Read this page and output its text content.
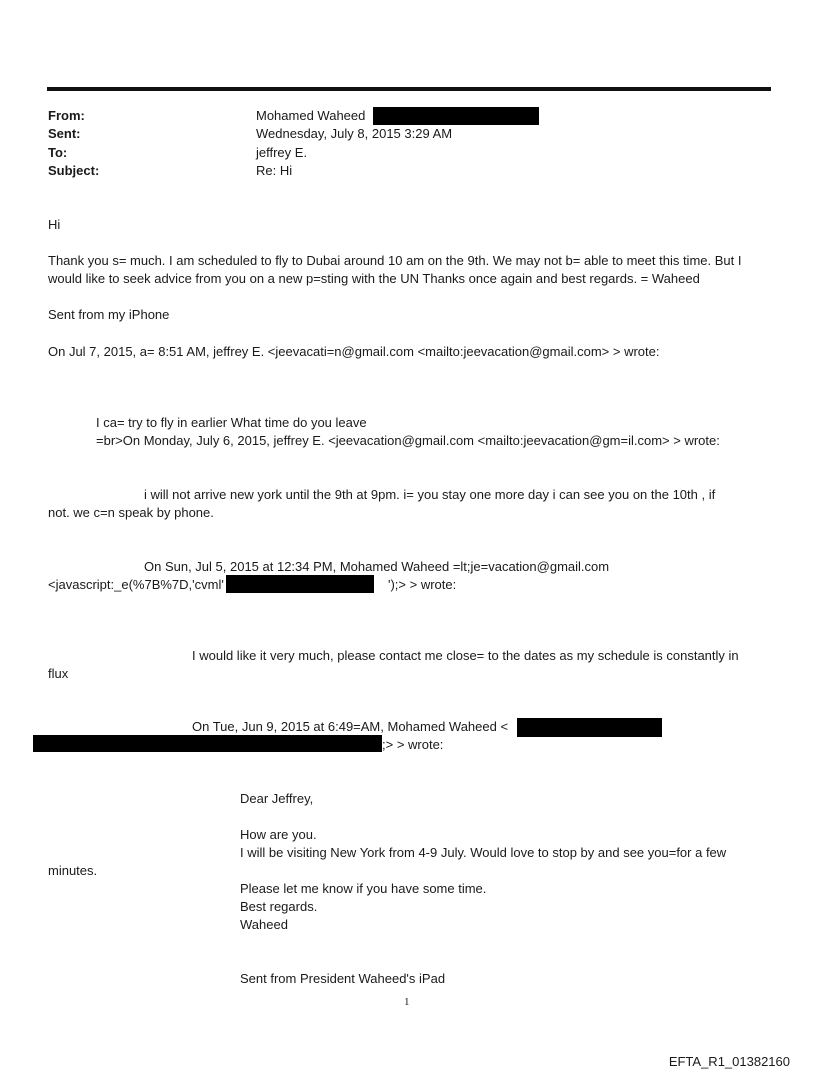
From:	Mohamed Waheed
Sent:	Wednesday, July 8, 2015 3:29 AM
To:	jeffrey E.
Subject:	Re: Hi
Hi
Thank you s= much. I am scheduled to fly to Dubai around 10 am on the 9th. We may not b= able to meet this time. But I
would like to seek advice from you on a new p=sting with the UN Thanks once again and best regards. = Waheed
Sent from my iPhone
On Jul 7, 2015, a= 8:51 AM, jeffrey E. <jeevacati=n@gmail.com <mailto:jeevacation@gmail.com> > wrote:
I ca= try to fly in earlier What time do you leave
=br>On Monday, July 6, 2015, jeffrey E. <jeevacation@gmail.com <mailto:jeevacation@gm=il.com> > wrote:
i will not arrive new york until the 9th at 9pm. i= you stay one more day i can see you on the 10th , if
not. we c=n speak by phone.
On Sun, Jul 5, 2015 at 12:34 PM, Mohamed Waheed =lt;je=vacation@gmail.com
<javascript:_e(%7B%7D,'cvml'	');> > wrote:
I would like it very much, please contact me close= to the dates as my schedule is constantly in
flux
On Tue, Jun 9, 2015 at 6:49=AM, Mohamed Waheed <
;> > wrote:
Dear Jeffrey,
How are you.
I will be visiting New York from 4-9 July. Would love to stop by and see you=for a few
minutes.
Please let me know if you have some time.
Best regards.
Waheed
Sent from President Waheed's iPad
1
EFTA_R1_01382160
